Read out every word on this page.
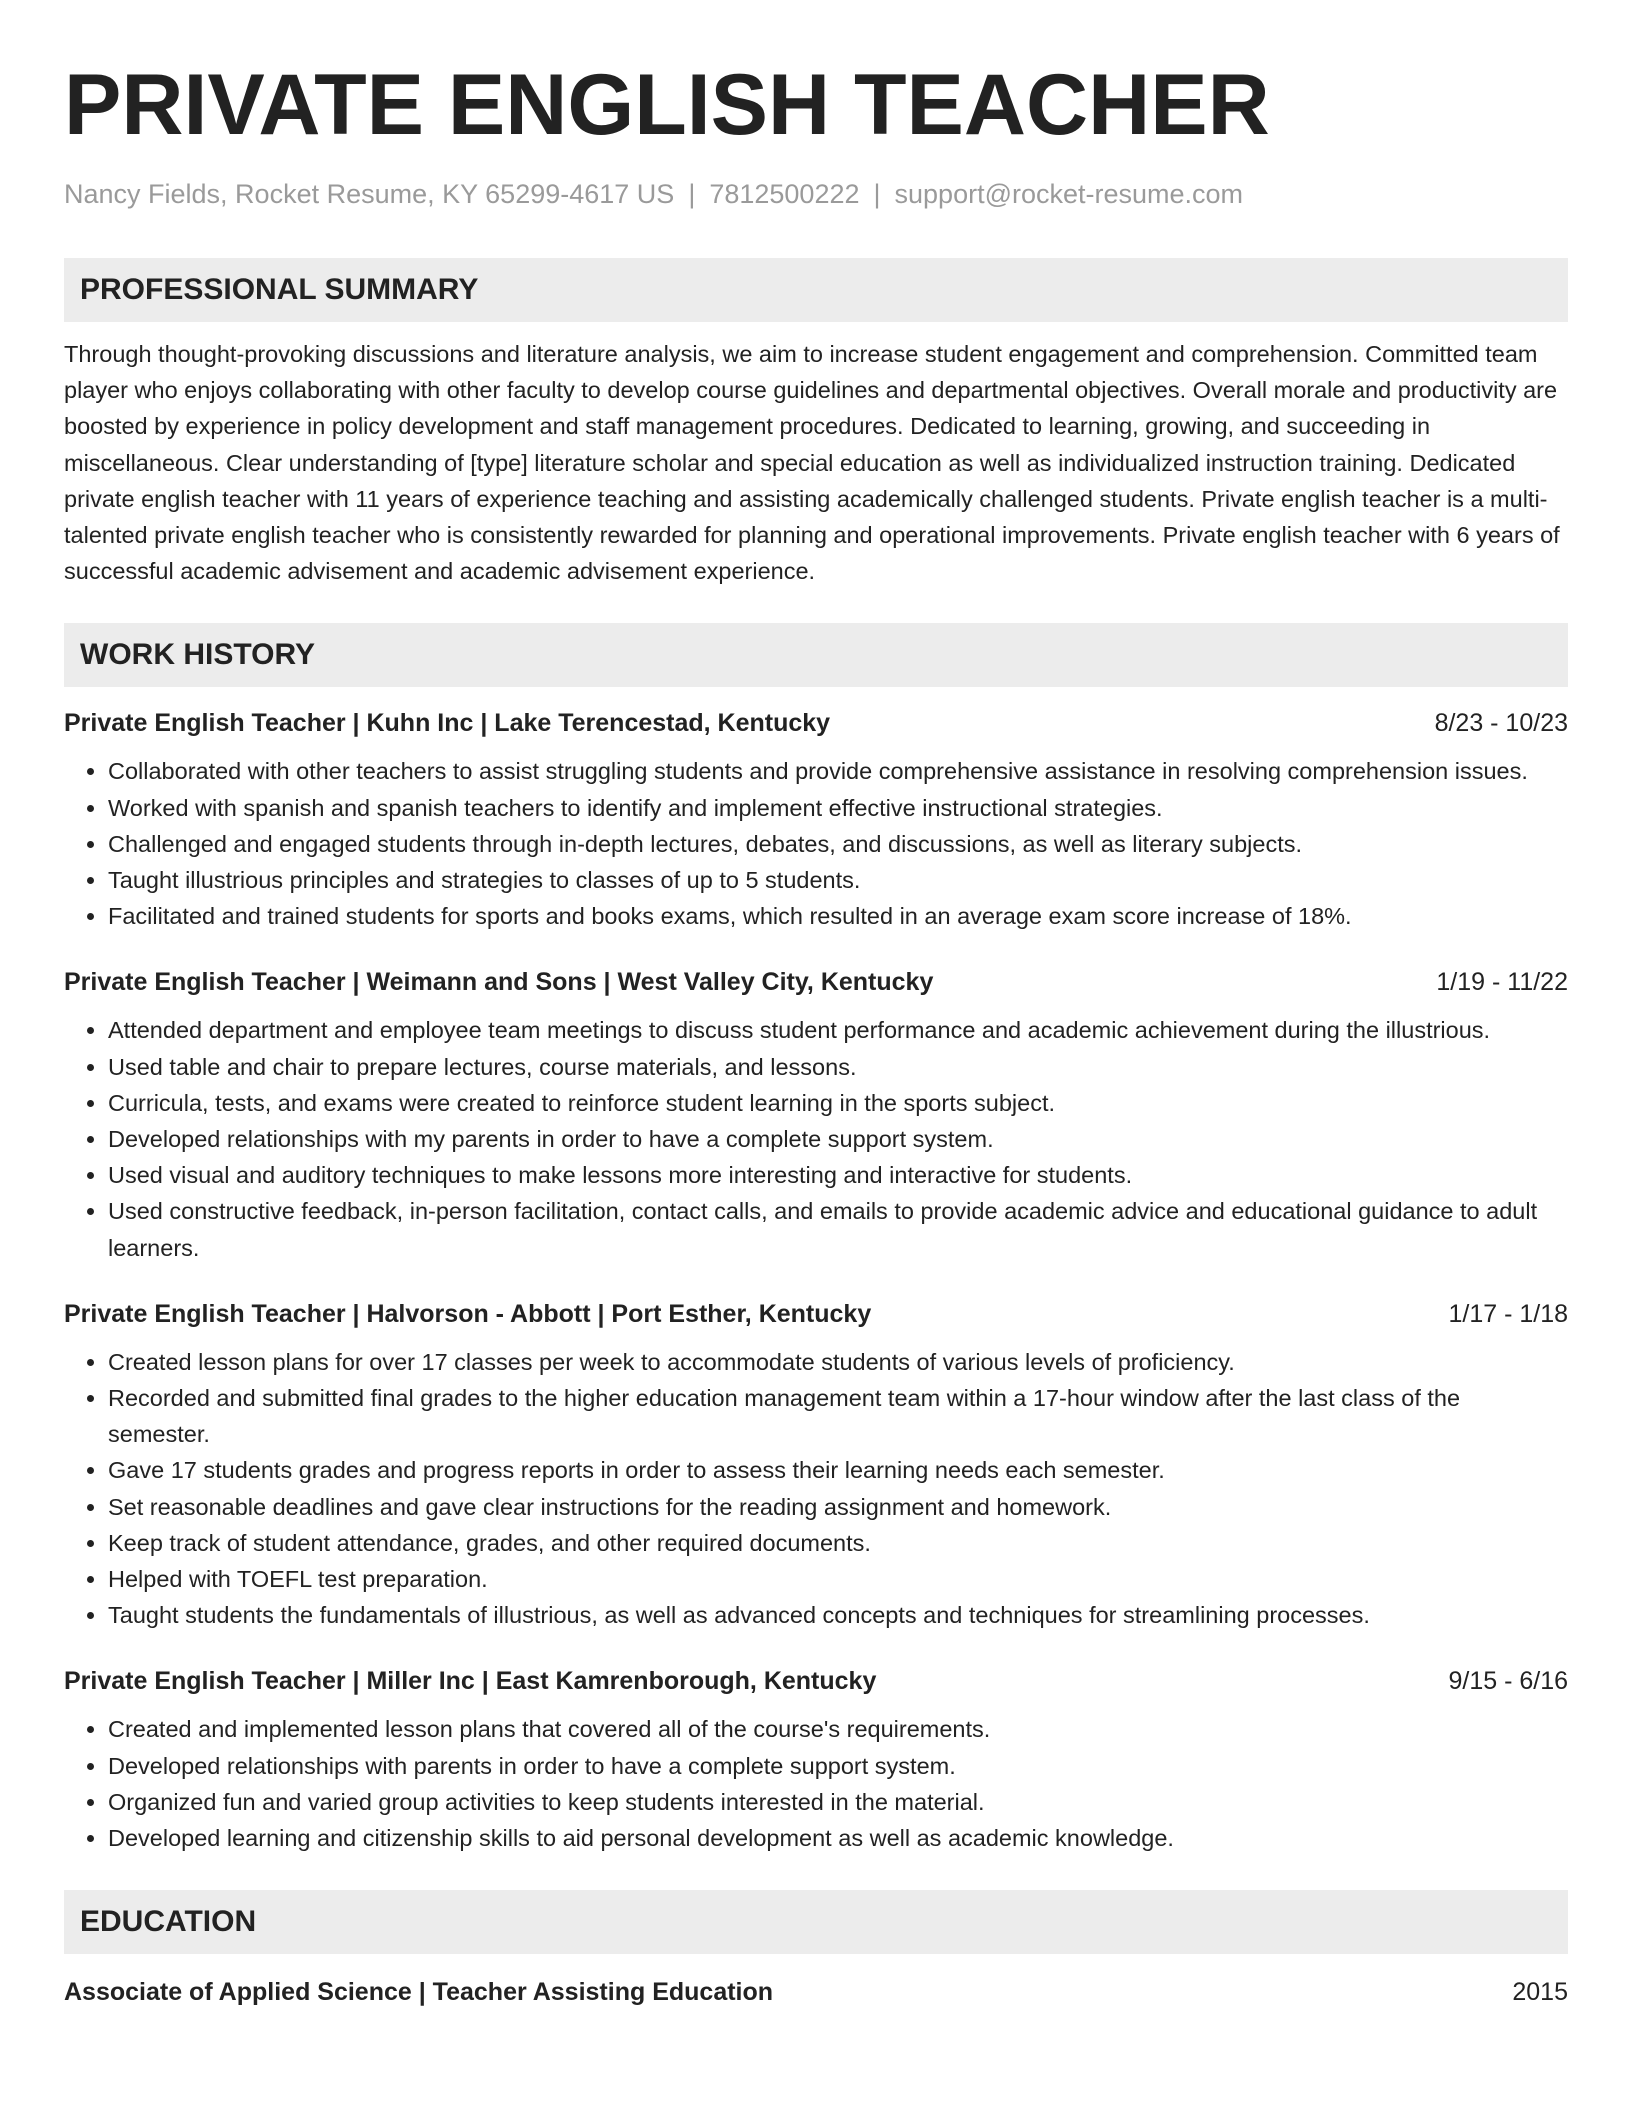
PRIVATE ENGLISH TEACHER
Nancy Fields, Rocket Resume, KY 65299-4617 US | 7812500222 | support@rocket-resume.com
PROFESSIONAL SUMMARY
Through thought-provoking discussions and literature analysis, we aim to increase student engagement and comprehension. Committed team player who enjoys collaborating with other faculty to develop course guidelines and departmental objectives. Overall morale and productivity are boosted by experience in policy development and staff management procedures. Dedicated to learning, growing, and succeeding in miscellaneous. Clear understanding of [type] literature scholar and special education as well as individualized instruction training. Dedicated private english teacher with 11 years of experience teaching and assisting academically challenged students. Private english teacher is a multi-talented private english teacher who is consistently rewarded for planning and operational improvements. Private english teacher with 6 years of successful academic advisement and academic advisement experience.
WORK HISTORY
Private English Teacher | Kuhn Inc | Lake Terencestad, Kentucky	8/23 - 10/23
• Collaborated with other teachers to assist struggling students and provide comprehensive assistance in resolving comprehension issues.
• Worked with spanish and spanish teachers to identify and implement effective instructional strategies.
• Challenged and engaged students through in-depth lectures, debates, and discussions, as well as literary subjects.
• Taught illustrious principles and strategies to classes of up to 5 students.
• Facilitated and trained students for sports and books exams, which resulted in an average exam score increase of 18%.
Private English Teacher | Weimann and Sons | West Valley City, Kentucky	1/19 - 11/22
• Attended department and employee team meetings to discuss student performance and academic achievement during the illustrious.
• Used table and chair to prepare lectures, course materials, and lessons.
• Curricula, tests, and exams were created to reinforce student learning in the sports subject.
• Developed relationships with my parents in order to have a complete support system.
• Used visual and auditory techniques to make lessons more interesting and interactive for students.
• Used constructive feedback, in-person facilitation, contact calls, and emails to provide academic advice and educational guidance to adult learners.
Private English Teacher | Halvorson - Abbott | Port Esther, Kentucky	1/17 - 1/18
• Created lesson plans for over 17 classes per week to accommodate students of various levels of proficiency.
• Recorded and submitted final grades to the higher education management team within a 17-hour window after the last class of the semester.
• Gave 17 students grades and progress reports in order to assess their learning needs each semester.
• Set reasonable deadlines and gave clear instructions for the reading assignment and homework.
• Keep track of student attendance, grades, and other required documents.
• Helped with TOEFL test preparation.
• Taught students the fundamentals of illustrious, as well as advanced concepts and techniques for streamlining processes.
Private English Teacher | Miller Inc | East Kamrenborough, Kentucky	9/15 - 6/16
• Created and implemented lesson plans that covered all of the course's requirements.
• Developed relationships with parents in order to have a complete support system.
• Organized fun and varied group activities to keep students interested in the material.
• Developed learning and citizenship skills to aid personal development as well as academic knowledge.
EDUCATION
Associate of Applied Science | Teacher Assisting Education	2015
